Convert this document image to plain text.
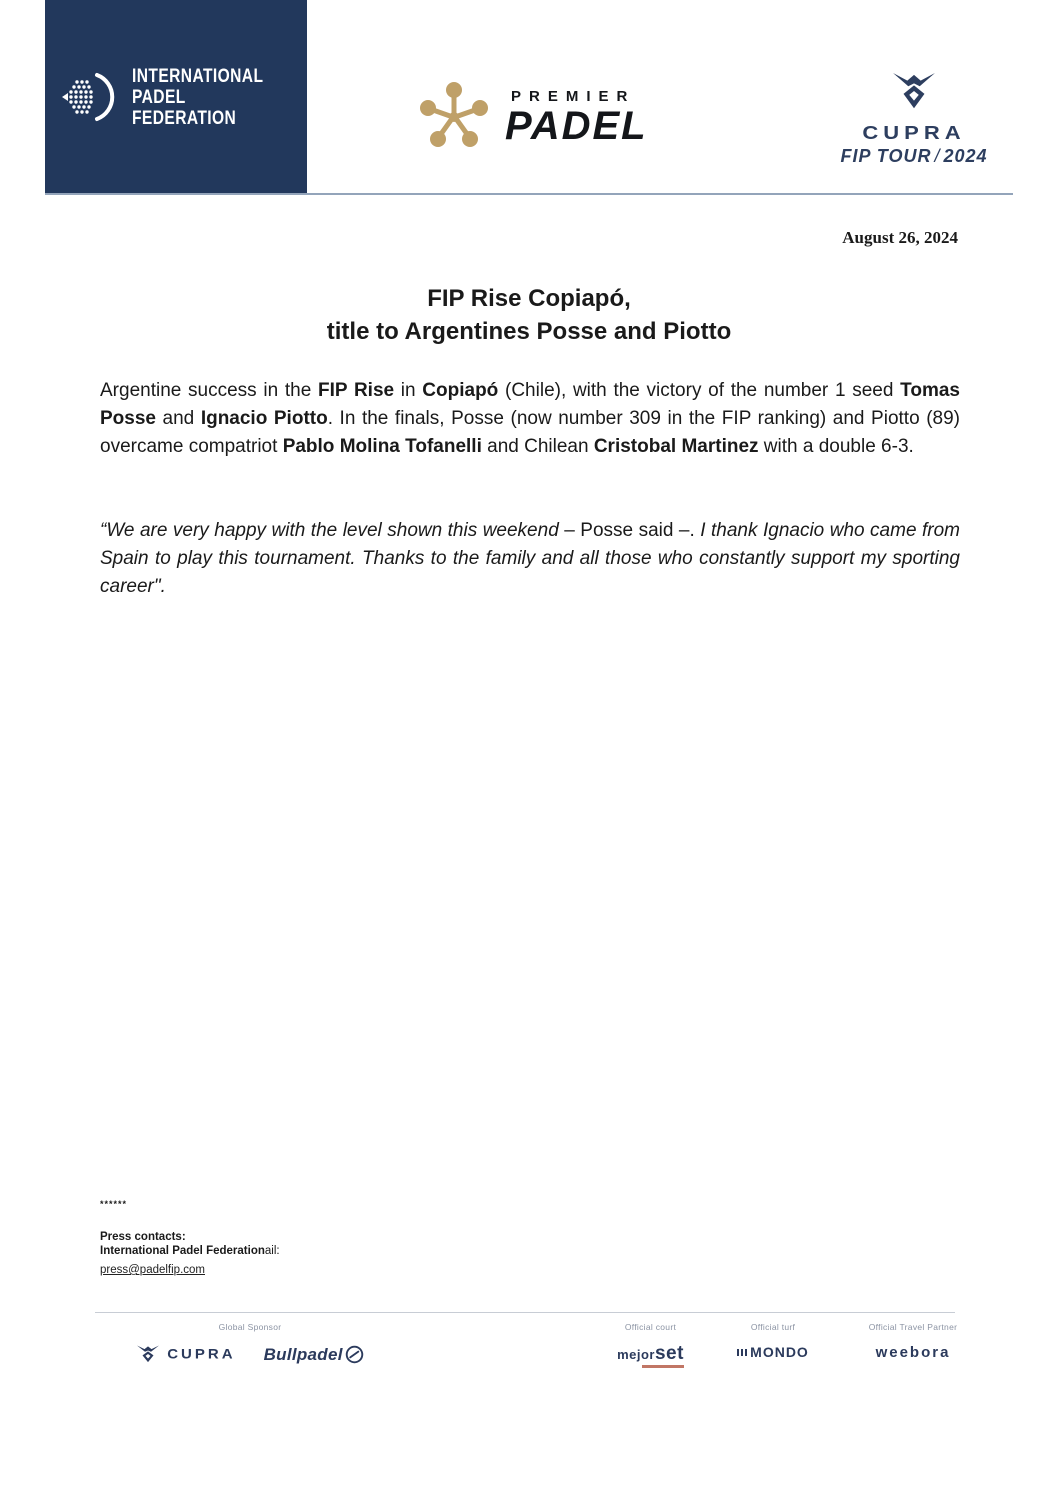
INTERNATIONAL
PADEL
FEDERATION
PREMIER
PADEL	CUPRA
FIP TOUR / 2024
August 26, 2024
FIP Rise Copiapó,
title to Argentines Posse and Piotto

Argentine success in the FIP Rise in Copiapó (Chile), with the victory of the number 1 seed Tomas Posse and Ignacio Piotto. In the finals, Posse (now number 309 in the FIP ranking) and Piotto (89) overcame compatriot Pablo Molina Tofanelli and Chilean Cristobal Martinez with a double 6-3.

“We are very happy with the level shown this weekend – Posse said –. I thank Ignacio who came from Spain to play this tournament. Thanks to the family and all those who constantly support my sporting career".

******
Press contacts:
International Padel Federationail:
press@padelfip.com
Global Sponsor
CUPRA Bullpadel
Official court
mejorset
Official turf
MONDO
Official Travel Partner
weebora
